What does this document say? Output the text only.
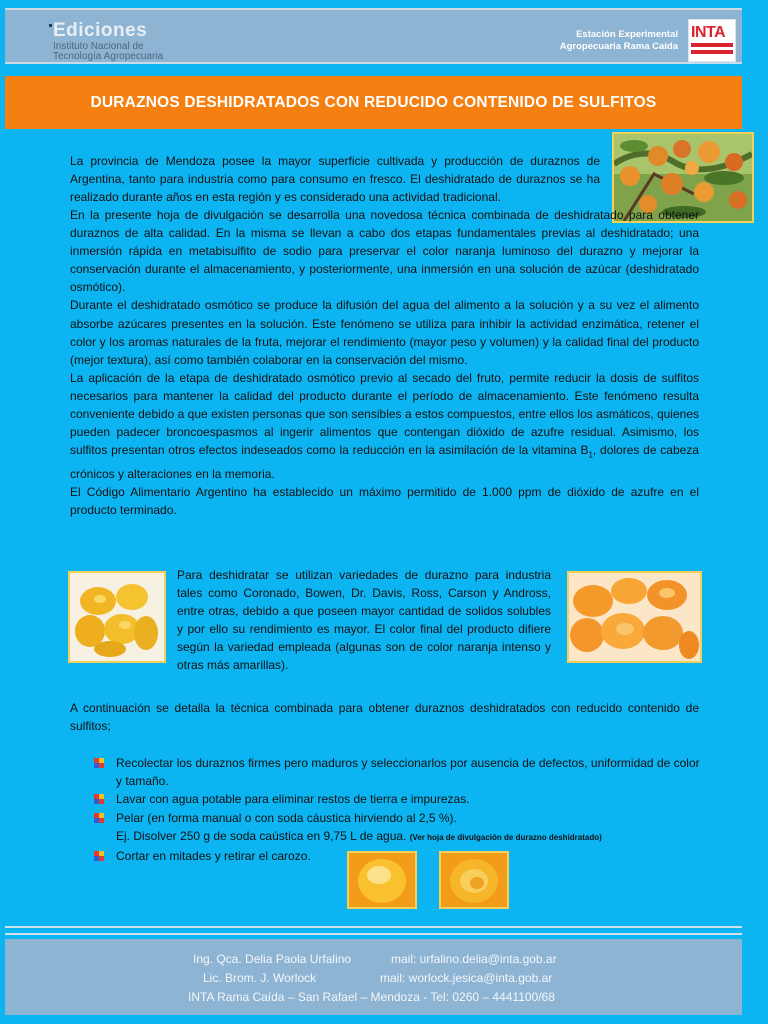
Ediciones
Instituto Nacional de
Tecnología Agropecuaria
Estación Experimental
Agropecuaria Rama Caída
INTA
DURAZNOS DESHIDRATADOS CON REDUCIDO CONTENIDO DE SULFITOS

La provincia de Mendoza posee la mayor superficie cultivada y producción de duraznos de Argentina, tanto para industria como para consumo en fresco. El deshidratado de duraznos se ha realizado durante años en esta región y es considerado una actividad tradicional.

En la presente hoja de divulgación se desarrolla una novedosa técnica combinada de deshidratado para obtener duraznos de alta calidad. En la misma se llevan a cabo dos etapas fundamentales previas al deshidratado; una inmersión rápida en metabisulfito de sodio para preservar el color naranja luminoso del durazno y mejorar la conservación durante el almacenamiento, y posteriormente, una inmersión en una solución de azúcar (deshidratado osmótico).

Durante el deshidratado osmótico se produce la difusión del agua del alimento a la solución y a su vez el alimento absorbe azúcares presentes en la solución. Este fenómeno se utiliza para inhibir la actividad enzimática, retener el color y los aromas naturales de la fruta, mejorar el rendimiento (mayor peso y volumen) y la calidad final del producto (mejor textura), así como también colaborar en la conservación del mismo.

La aplicación de la etapa de deshidratado osmótico previo al secado del fruto, permite reducir la dosis de sulfitos necesarios para mantener la calidad del producto durante el período de almacenamiento. Este fenómeno resulta conveniente debido a que existen personas que son sensibles a estos compuestos, entre ellos los asmáticos, quienes pueden padecer broncoespasmos al ingerir alimentos que contengan dióxido de azufre residual. Asimismo, los sulfitos presentan otros efectos indeseados como la reducción en la asimilación de la vitamina $B_1$, dolores de cabeza crónicos y alteraciones en la memoria.

El Código Alimentario Argentino ha establecido un máximo permitido de 1.000 ppm de dióxido de azufre en el producto terminado.

Para deshidratar se utilizan variedades de durazno para industria tales como Coronado, Bowen, Dr. Davis, Ross, Carson y Andross, entre otras, debido a que poseen mayor cantidad de solidos solubles y por ello su rendimiento es mayor. El color final del producto difiere según la variedad empleada (algunas son de color naranja intenso y otras más amarillas).

A continuación se detalla la técnica combinada para obtener duraznos deshidratados con reducido contenido de sulfitos;

Recolectar los duraznos firmes pero maduros y seleccionarlos por ausencia de defectos, uniformidad de color y tamaño.
Lavar con agua potable para eliminar restos de tierra e impurezas.
Pelar (en forma manual o con soda cáustica hirviendo al 2,5 %).
Ej. Disolver 250 g de soda caústica en 9,75 L de agua. (Ver hoja de divulgación de durazno deshidratado)
Cortar en mitades y retirar el carozo.
Ing. Qca. Delia Paola Urfalino	mail: urfalino.delia@inta.gob.ar
Lic. Brom. J. Worlock	mail: worlock.jesica@inta.gob.ar
INTA Rama Caída – San Rafael – Mendoza - Tel: 0260 – 4441100/68
